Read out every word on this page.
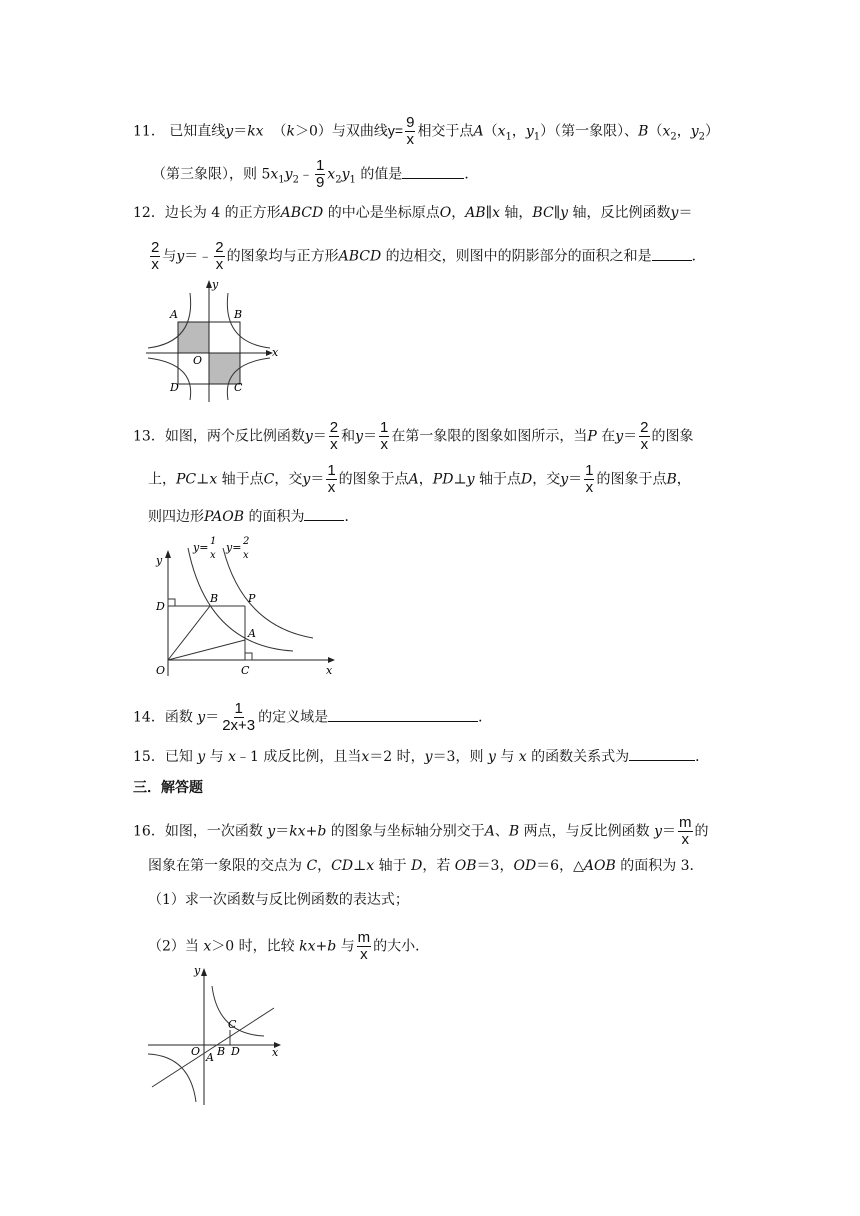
11． 已知直线y＝kx （k＞0）与双曲线$y= \frac{9}{x}$ 相交于点$A(x_1$，$y_1$）（第一象限）、$B(x_2$，$y_2$）
（第三象限），则 $5x_1y_2﹣ \frac{1}{9} x_2y_1$ 的值是	．
12．边长为 4 的正方形ABCD 的中心是坐标原点O，AB∥x 轴，BC∥y 轴，反比例函数y＝
$\frac{2}{x}$ 与y＝﹣ $\frac{2}{x}$ 的图象均与正方形ABCD 的边相交，则图中的阴影部分的面积之和是	．
A	B
C
D
O
x
y
13．如图，两个反比例函数$y= \frac{2}{x}$ 和$y= \frac{1}{x}$ 在第一象限的图象如图所示，当P 在$y= \frac{2}{x}$ 的图象
上，PC⊥x 轴于点C，交$y= \frac{1}{x}$ 的图象于点A，PD⊥y 轴于点D，交$y= \frac{1}{x}$ 的图象于点B，
则四边形PAOB 的面积为	．
y= 1
x
y= 2
x
B	P
D
A
O	C	x
y
14．函数 $y= \frac{1}{2x+3}$ 的定义域是	．
15．已知 y 与 x﹣1 成反比例，且当x＝2 时，y＝3，则 y 与 x 的函数关系式为	．
三．解答题
16．如图，一次函数 y＝kx+b 的图象与坐标轴分别交于A、B 两点，与反比例函数 $y= \frac{m}{x}$ 的
图象在第一象限的交点为 C，CD⊥x 轴于 D，若 OB＝3，OD＝6，△AOB 的面积为 3．
（1）求一次函数与反比例函数的表达式；
（2）当 x＞0 时，比较 kx+b 与 $\frac{m}{x}$ 的大小．
C
O A B D	x
y
